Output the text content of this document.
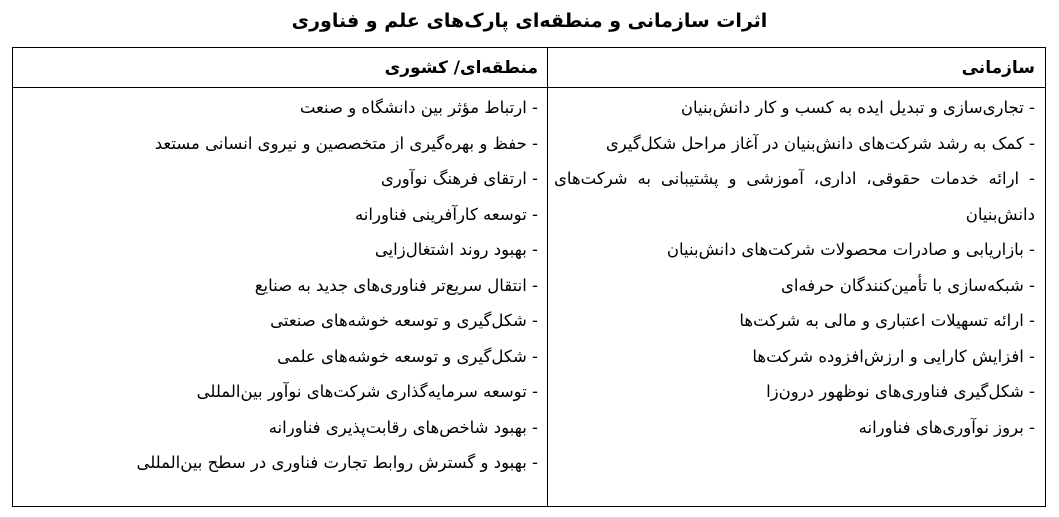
اثرات سازمانی و منطقه‌ای پارک‌های علم و فناوری
سازمانی
- تجاری‌سازی و تبدیل ایده به کسب و کار دانش‌بنیان
- کمک به رشد شرکت‌های دانش‌بنیان در آغاز مراحل شکل‌گیری
- ارائه خدمات حقوقی، اداری، آموزشی و پشتیبانی به شرکت‌های دانش‌بنیان
- بازاریابی و صادرات محصولات شرکت‌های دانش‌بنیان
- شبکه‌سازی با تأمین‌کنندگان حرفه‌ای
- ارائه تسهیلات اعتباری و مالی به شرکت‌ها
- افزایش کارایی و ارزش‌افزوده شرکت‌ها
- شکل‌گیری فناوری‌های نوظهور درون‌زا
- بروز نوآوری‌های فناورانه
منطقه‌ای/ کشوری
- ارتباط مؤثر بین دانشگاه و صنعت
- حفظ و بهره‌گیری از متخصصین و نیروی انسانی مستعد
- ارتقای فرهنگ نوآوری
- توسعه کارآفرینی فناورانه
- بهبود روند اشتغال‌زایی
- انتقال سریع‌تر فناوری‌های جدید به صنایع
- شکل‌گیری و توسعه خوشه‌های صنعتی
- شکل‌گیری و توسعه خوشه‌های علمی
- توسعه سرمایه‌گذاری شرکت‌های نوآور بین‌المللی
- بهبود شاخص‌های رقابت‌پذیری فناورانه
- بهبود و گسترش روابط تجارت فناوری در سطح بین‌المللی
